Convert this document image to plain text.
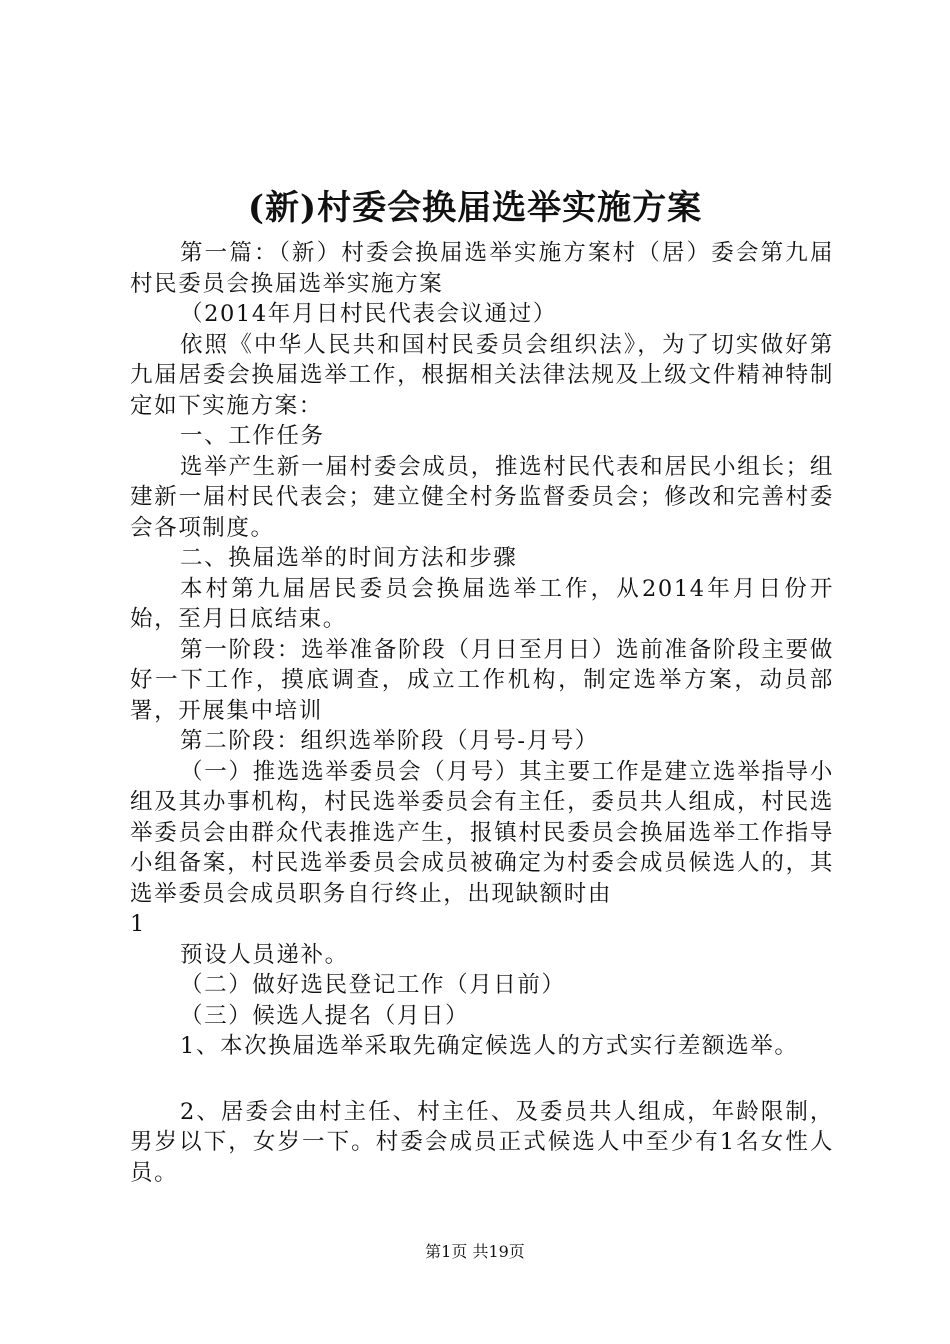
(新)村委会换届选举实施方案

第一篇：（新）村委会换届选举实施方案村（居）委会第九届村民委员会换届选举实施方案

（2014年月日村民代表会议通过）

依照《中华人民共和国村民委员会组织法》，为了切实做好第九届居委会换届选举工作，根据相关法律法规及上级文件精神特制定如下实施方案：

一、工作任务

选举产生新一届村委会成员，推选村民代表和居民小组长；组建新一届村民代表会；建立健全村务监督委员会；修改和完善村委会各项制度。

二、换届选举的时间方法和步骤

本村第九届居民委员会换届选举工作，从2014年月日份开始，至月日底结束。

第一阶段：选举准备阶段（月日至月日）选前准备阶段主要做好一下工作，摸底调查，成立工作机构，制定选举方案，动员部署，开展集中培训

第二阶段：组织选举阶段（月号-月号）

（一）推选选举委员会（月号）其主要工作是建立选举指导小组及其办事机构，村民选举委员会有主任，委员共人组成，村民选举委员会由群众代表推选产生，报镇村民委员会换届选举工作指导小组备案，村民选举委员会成员被确定为村委会成员候选人的，其选举委员会成员职务自行终止，出现缺额时由

1

预设人员递补。

（二）做好选民登记工作（月日前）

（三）候选人提名（月日）

1、本次换届选举采取先确定候选人的方式实行差额选举。

2、居委会由村主任、村主任、及委员共人组成，年龄限制，男岁以下，女岁一下。村委会成员正式候选人中至少有1名女性人员。

第1页 共19页
